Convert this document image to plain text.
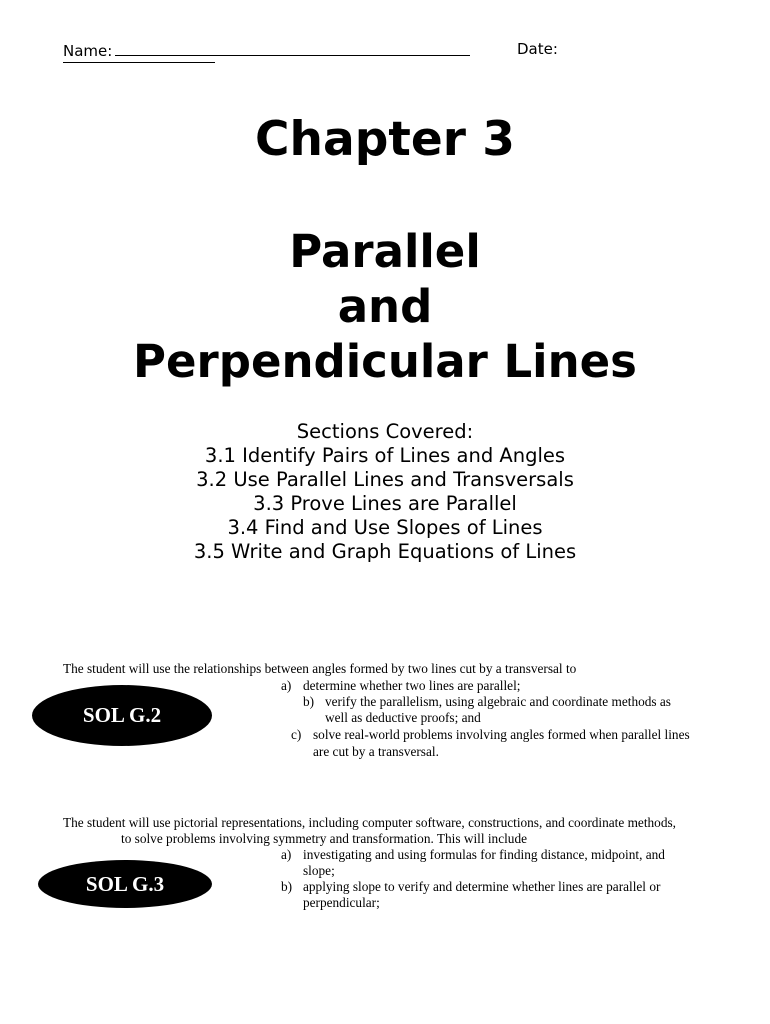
Name:	Date:
Chapter 3
Parallel
and
Perpendicular Lines
Sections Covered:
3.1 Identify Pairs of Lines and Angles
3.2 Use Parallel Lines and Transversals
3.3 Prove Lines are Parallel
3.4 Find and Use Slopes of Lines
3.5 Write and Graph Equations of Lines
The student will use the relationships between angles formed by two lines cut by a transversal to
SOL G.2
a) determine whether two lines are parallel;
b) verify the parallelism, using algebraic and coordinate methods as
well as deductive proofs; and
c) solve real-world problems involving angles formed when parallel lines
are cut by a transversal.
The student will use pictorial representations, including computer software, constructions, and coordinate methods,
to solve problems involving symmetry and transformation. This will include
SOL G.3
a) investigating and using formulas for finding distance, midpoint, and
slope;
b) applying slope to verify and determine whether lines are parallel or
perpendicular;
